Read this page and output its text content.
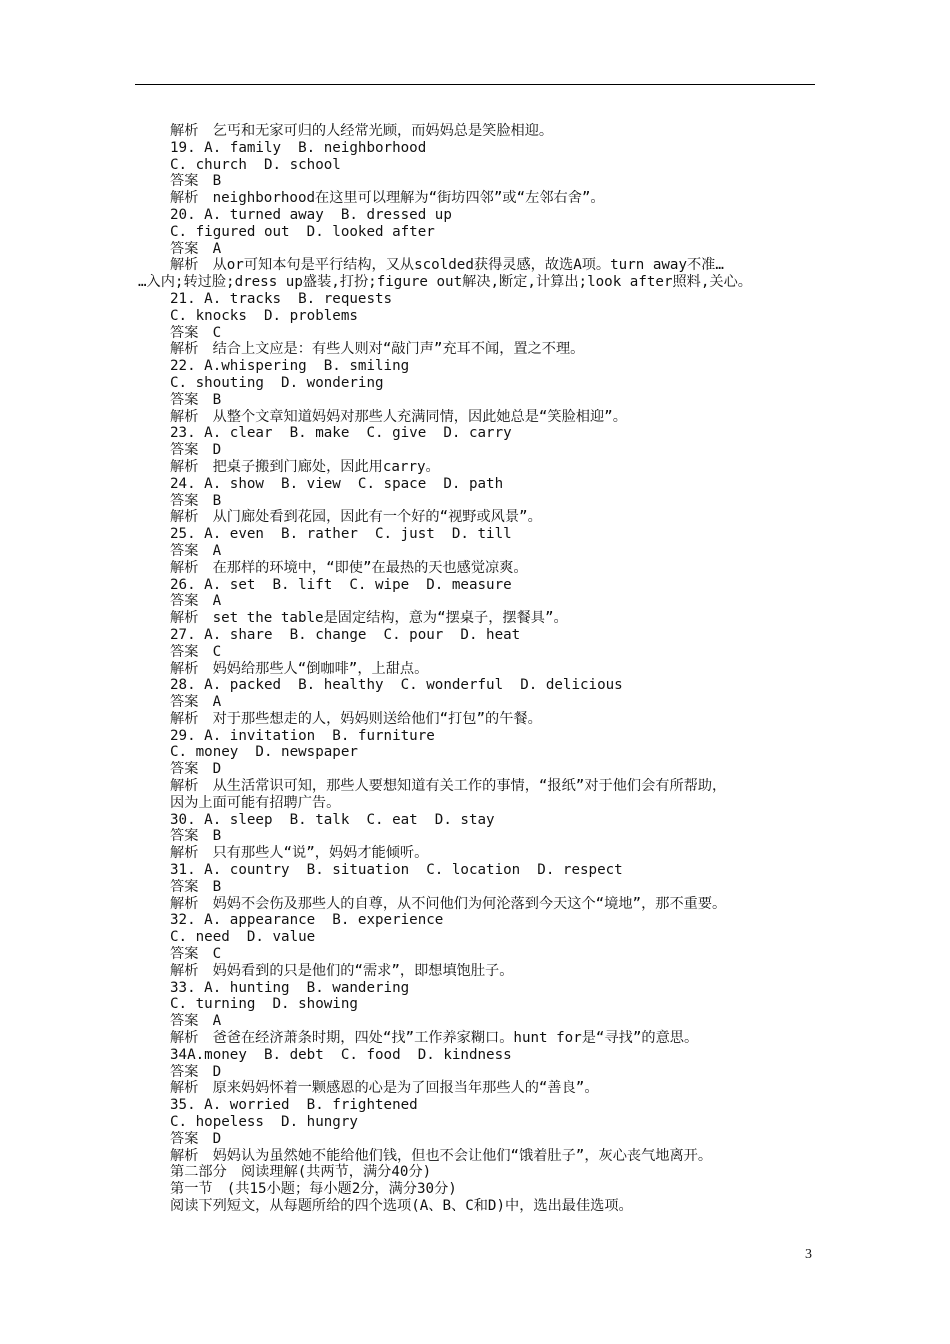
解析　乞丐和无家可归的人经常光顾，而妈妈总是笑脸相迎。
19. A. family  B. neighborhood
C. church  D. school
答案　B
解析　neighborhood在这里可以理解为“街坊四邻”或“左邻右舍”。
20. A. turned away  B. dressed up
C. figured out  D. looked after
答案　A
解析　从or可知本句是平行结构，又从scolded获得灵感，故选A项。turn away不准…
…入内;转过脸;dress up盛装,打扮;figure out解决,断定,计算出;look after照料,关心。
21. A. tracks  B. requests
C. knocks  D. problems
答案　C
解析　结合上文应是：有些人则对“敲门声”充耳不闻，置之不理。
22. A.whispering  B. smiling
C. shouting  D. wondering
答案　B
解析　从整个文章知道妈妈对那些人充满同情，因此她总是“笑脸相迎”。
23. A. clear  B. make  C. give  D. carry
答案　D
解析　把桌子搬到门廊处，因此用carry。
24. A. show  B. view  C. space  D. path
答案　B
解析　从门廊处看到花园，因此有一个好的“视野或风景”。
25. A. even  B. rather  C. just  D. till
答案　A
解析　在那样的环境中，“即使”在最热的天也感觉凉爽。
26. A. set  B. lift  C. wipe  D. measure
答案　A
解析　set the table是固定结构，意为“摆桌子，摆餐具”。
27. A. share  B. change  C. pour  D. heat
答案　C
解析　妈妈给那些人“倒咖啡”，上甜点。
28. A. packed  B. healthy  C. wonderful  D. delicious
答案　A
解析　对于那些想走的人，妈妈则送给他们“打包”的午餐。
29. A. invitation  B. furniture
C. money  D. newspaper
答案　D
解析　从生活常识可知，那些人要想知道有关工作的事情，“报纸”对于他们会有所帮助，
因为上面可能有招聘广告。
30. A. sleep  B. talk  C. eat  D. stay
答案　B
解析　只有那些人“说”，妈妈才能倾听。
31. A. country  B. situation  C. location  D. respect
答案　B
解析　妈妈不会伤及那些人的自尊，从不问他们为何沦落到今天这个“境地”，那不重要。
32. A. appearance  B. experience
C. need  D. value
答案　C
解析　妈妈看到的只是他们的“需求”，即想填饱肚子。
33. A. hunting  B. wandering
C. turning  D. showing
答案　A
解析　爸爸在经济萧条时期，四处“找”工作养家糊口。hunt for是“寻找”的意思。
34A.money  B. debt  C. food  D. kindness
答案　D
解析　原来妈妈怀着一颗感恩的心是为了回报当年那些人的“善良”。
35. A. worried  B. frightened
C. hopeless  D. hungry
答案　D
解析　妈妈认为虽然她不能给他们钱，但也不会让他们“饿着肚子”，灰心丧气地离开。
第二部分　阅读理解(共两节，满分40分)
第一节　(共15小题；每小题2分，满分30分)
阅读下列短文，从每题所给的四个选项(A、B、C和D)中，选出最佳选项。
3
